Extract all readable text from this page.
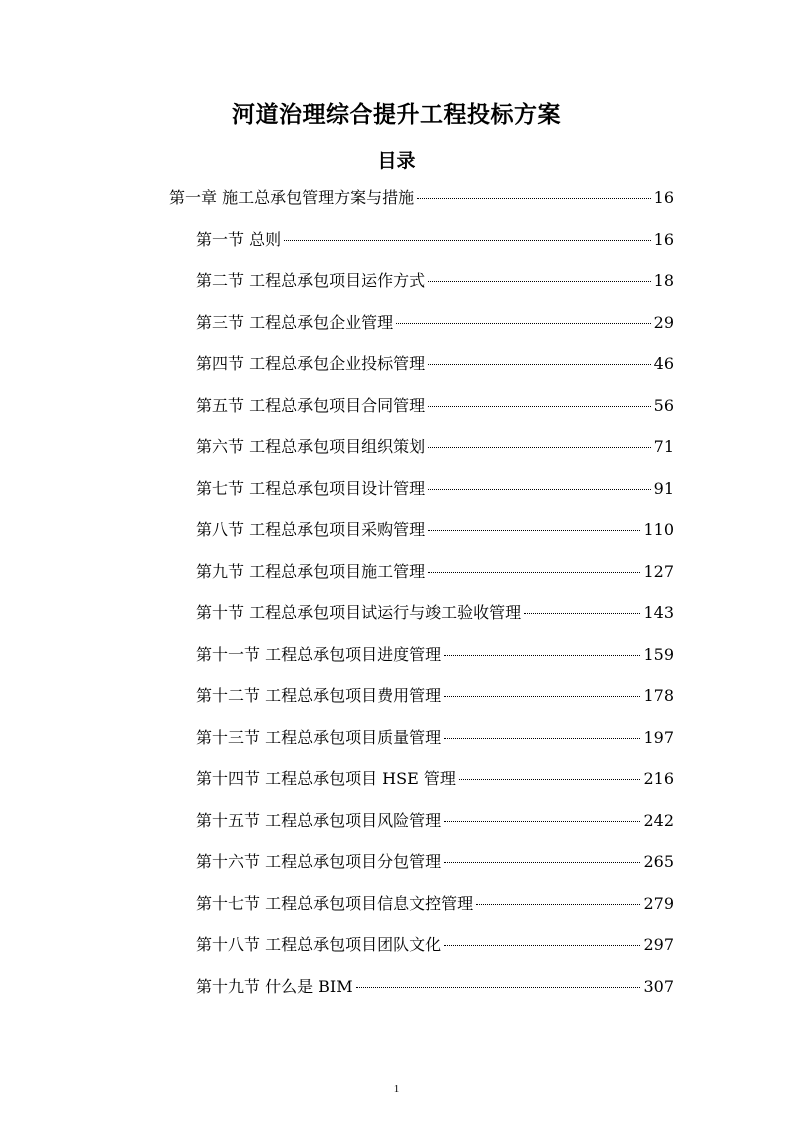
河道治理综合提升工程投标方案
目录
第一章 施工总承包管理方案与措施	16
第一节 总则	16
第二节 工程总承包项目运作方式	18
第三节 工程总承包企业管理	29
第四节 工程总承包企业投标管理	46
第五节 工程总承包项目合同管理	56
第六节 工程总承包项目组织策划	71
第七节 工程总承包项目设计管理	91
第八节 工程总承包项目采购管理	110
第九节 工程总承包项目施工管理	127
第十节 工程总承包项目试运行与竣工验收管理	143
第十一节 工程总承包项目进度管理	159
第十二节 工程总承包项目费用管理	178
第十三节 工程总承包项目质量管理	197
第十四节 工程总承包项目 HSE 管理	216
第十五节 工程总承包项目风险管理	242
第十六节 工程总承包项目分包管理	265
第十七节 工程总承包项目信息文控管理	279
第十八节 工程总承包项目团队文化	297
第十九节 什么是 BIM	307
1
